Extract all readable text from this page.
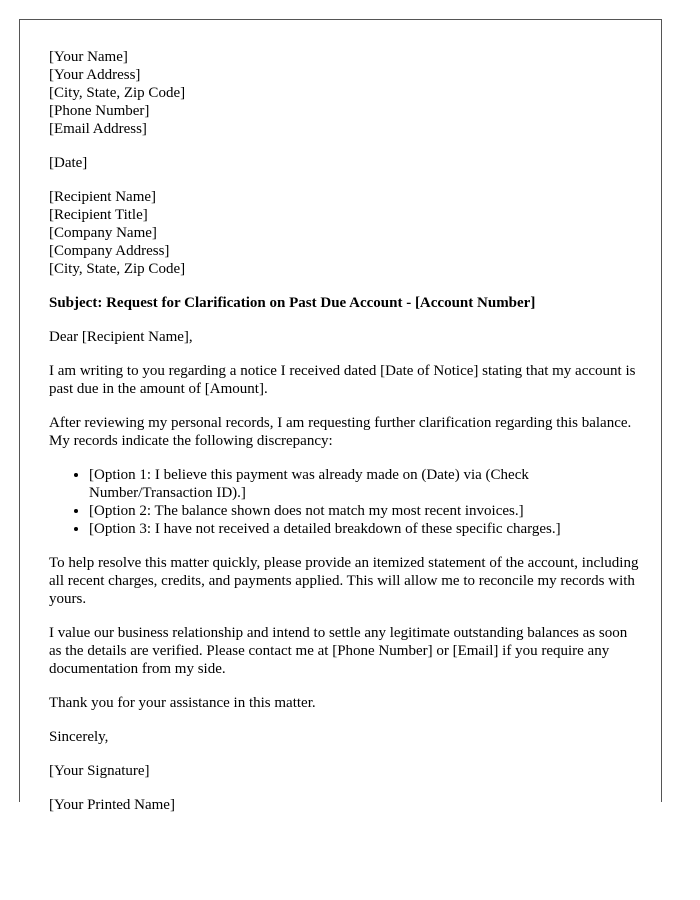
[Your Name]
[Your Address]
[City, State, Zip Code]
[Phone Number]
[Email Address]
[Date]
[Recipient Name]
[Recipient Title]
[Company Name]
[Company Address]
[City, State, Zip Code]
Subject: Request for Clarification on Past Due Account - [Account Number]

Dear [Recipient Name],

I am writing to you regarding a notice I received dated [Date of Notice] stating that my account is past due in the amount of [Amount].

After reviewing my personal records, I am requesting further clarification regarding this balance. My records indicate the following discrepancy:

• [Option 1: I believe this payment was already made on (Date) via (Check Number/Transaction ID).]
• [Option 2: The balance shown does not match my most recent invoices.]
• [Option 3: I have not received a detailed breakdown of these specific charges.]

To help resolve this matter quickly, please provide an itemized statement of the account, including all recent charges, credits, and payments applied. This will allow me to reconcile my records with yours.

I value our business relationship and intend to settle any legitimate outstanding balances as soon as the details are verified. Please contact me at [Phone Number] or [Email] if you require any documentation from my side.

Thank you for your assistance in this matter.

Sincerely,

[Your Signature]

[Your Printed Name]
